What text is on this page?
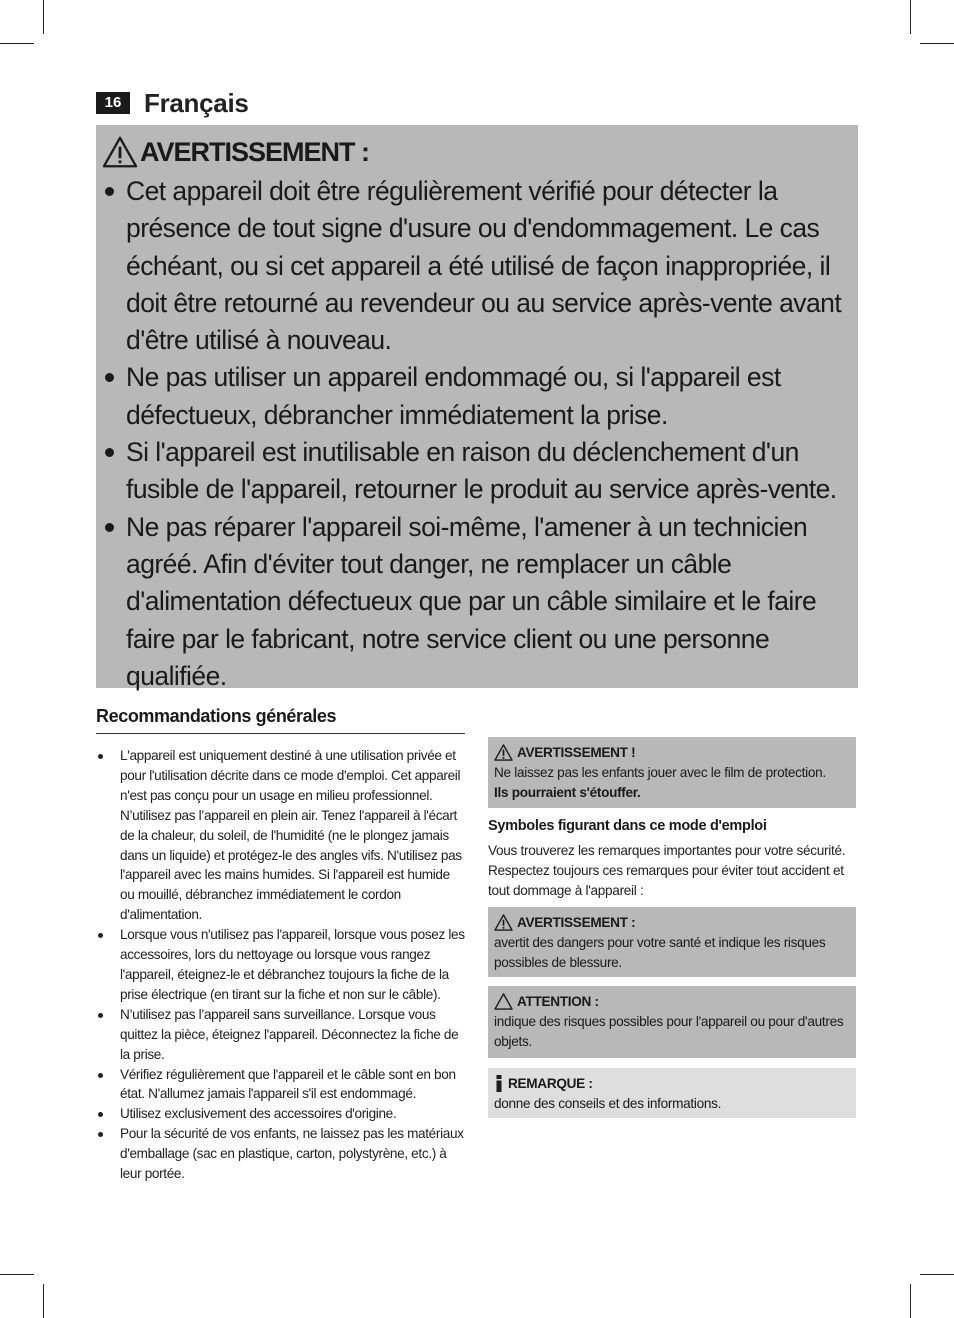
16 Français
AVERTISSEMENT :
Cet appareil doit être régulièrement vérifié pour détecter la présence de tout signe d'usure ou d'endommagement. Le cas échéant, ou si cet appareil a été utilisé de façon inappropriée, il doit être retourné au revendeur ou au service après-vente avant d'être utilisé à nouveau.
Ne pas utiliser un appareil endommagé ou, si l'appareil est défectueux, débrancher immédiatement la prise.
Si l'appareil est inutilisable en raison du déclenchement d'un fusible de l'appareil, retourner le produit au service après-vente.
Ne pas réparer l'appareil soi-même, l'amener à un technicien agréé. Afin d'éviter tout danger, ne remplacer un câble d'alimentation défectueux que par un câble similaire et le faire faire par le fabricant, notre service client ou une personne qualifiée.
Recommandations générales
L'appareil est uniquement destiné à une utilisation privée et pour l'utilisation décrite dans ce mode d'emploi. Cet appareil n'est pas conçu pour un usage en milieu professionnel. N’utilisez pas l’appareil en plein air. Tenez l'appareil à l'écart de la chaleur, du soleil, de l'humidité (ne le plongez jamais dans un liquide) et protégez-le des angles vifs. N'utilisez pas l'appareil avec les mains humides. Si l'appareil est humide ou mouillé, débranchez immédiatement le cordon d'alimentation.
Lorsque vous n'utilisez pas l'appareil, lorsque vous posez les accessoires, lors du nettoyage ou lorsque vous rangez l'appareil, éteignez-le et débranchez toujours la fiche de la prise électrique (en tirant sur la fiche et non sur le câble).
N’utilisez pas l’appareil sans surveillance. Lorsque vous quittez la pièce, éteignez l'appareil. Déconnectez la fiche de la prise.
Vérifiez régulièrement que l'appareil et le câble sont en bon état. N'allumez jamais l'appareil s'il est endommagé.
Utilisez exclusivement des accessoires d'origine.
Pour la sécurité de vos enfants, ne laissez pas les matériaux d'emballage (sac en plastique, carton, polystyrène, etc.) à leur portée.
AVERTISSEMENT !

Ne laissez pas les enfants jouer avec le film de protection.
Ils pourraient s'étouffer.

Symboles figurant dans ce mode d'emploi

Vous trouverez les remarques importantes pour votre sécurité. Respectez toujours ces remarques pour éviter tout accident et tout dommage à l'appareil :

AVERTISSEMENT :

avertit des dangers pour votre santé et indique les risques possibles de blessure.

ATTENTION :

indique des risques possibles pour l'appareil ou pour d'autres objets.

REMARQUE :

donne des conseils et des informations.
